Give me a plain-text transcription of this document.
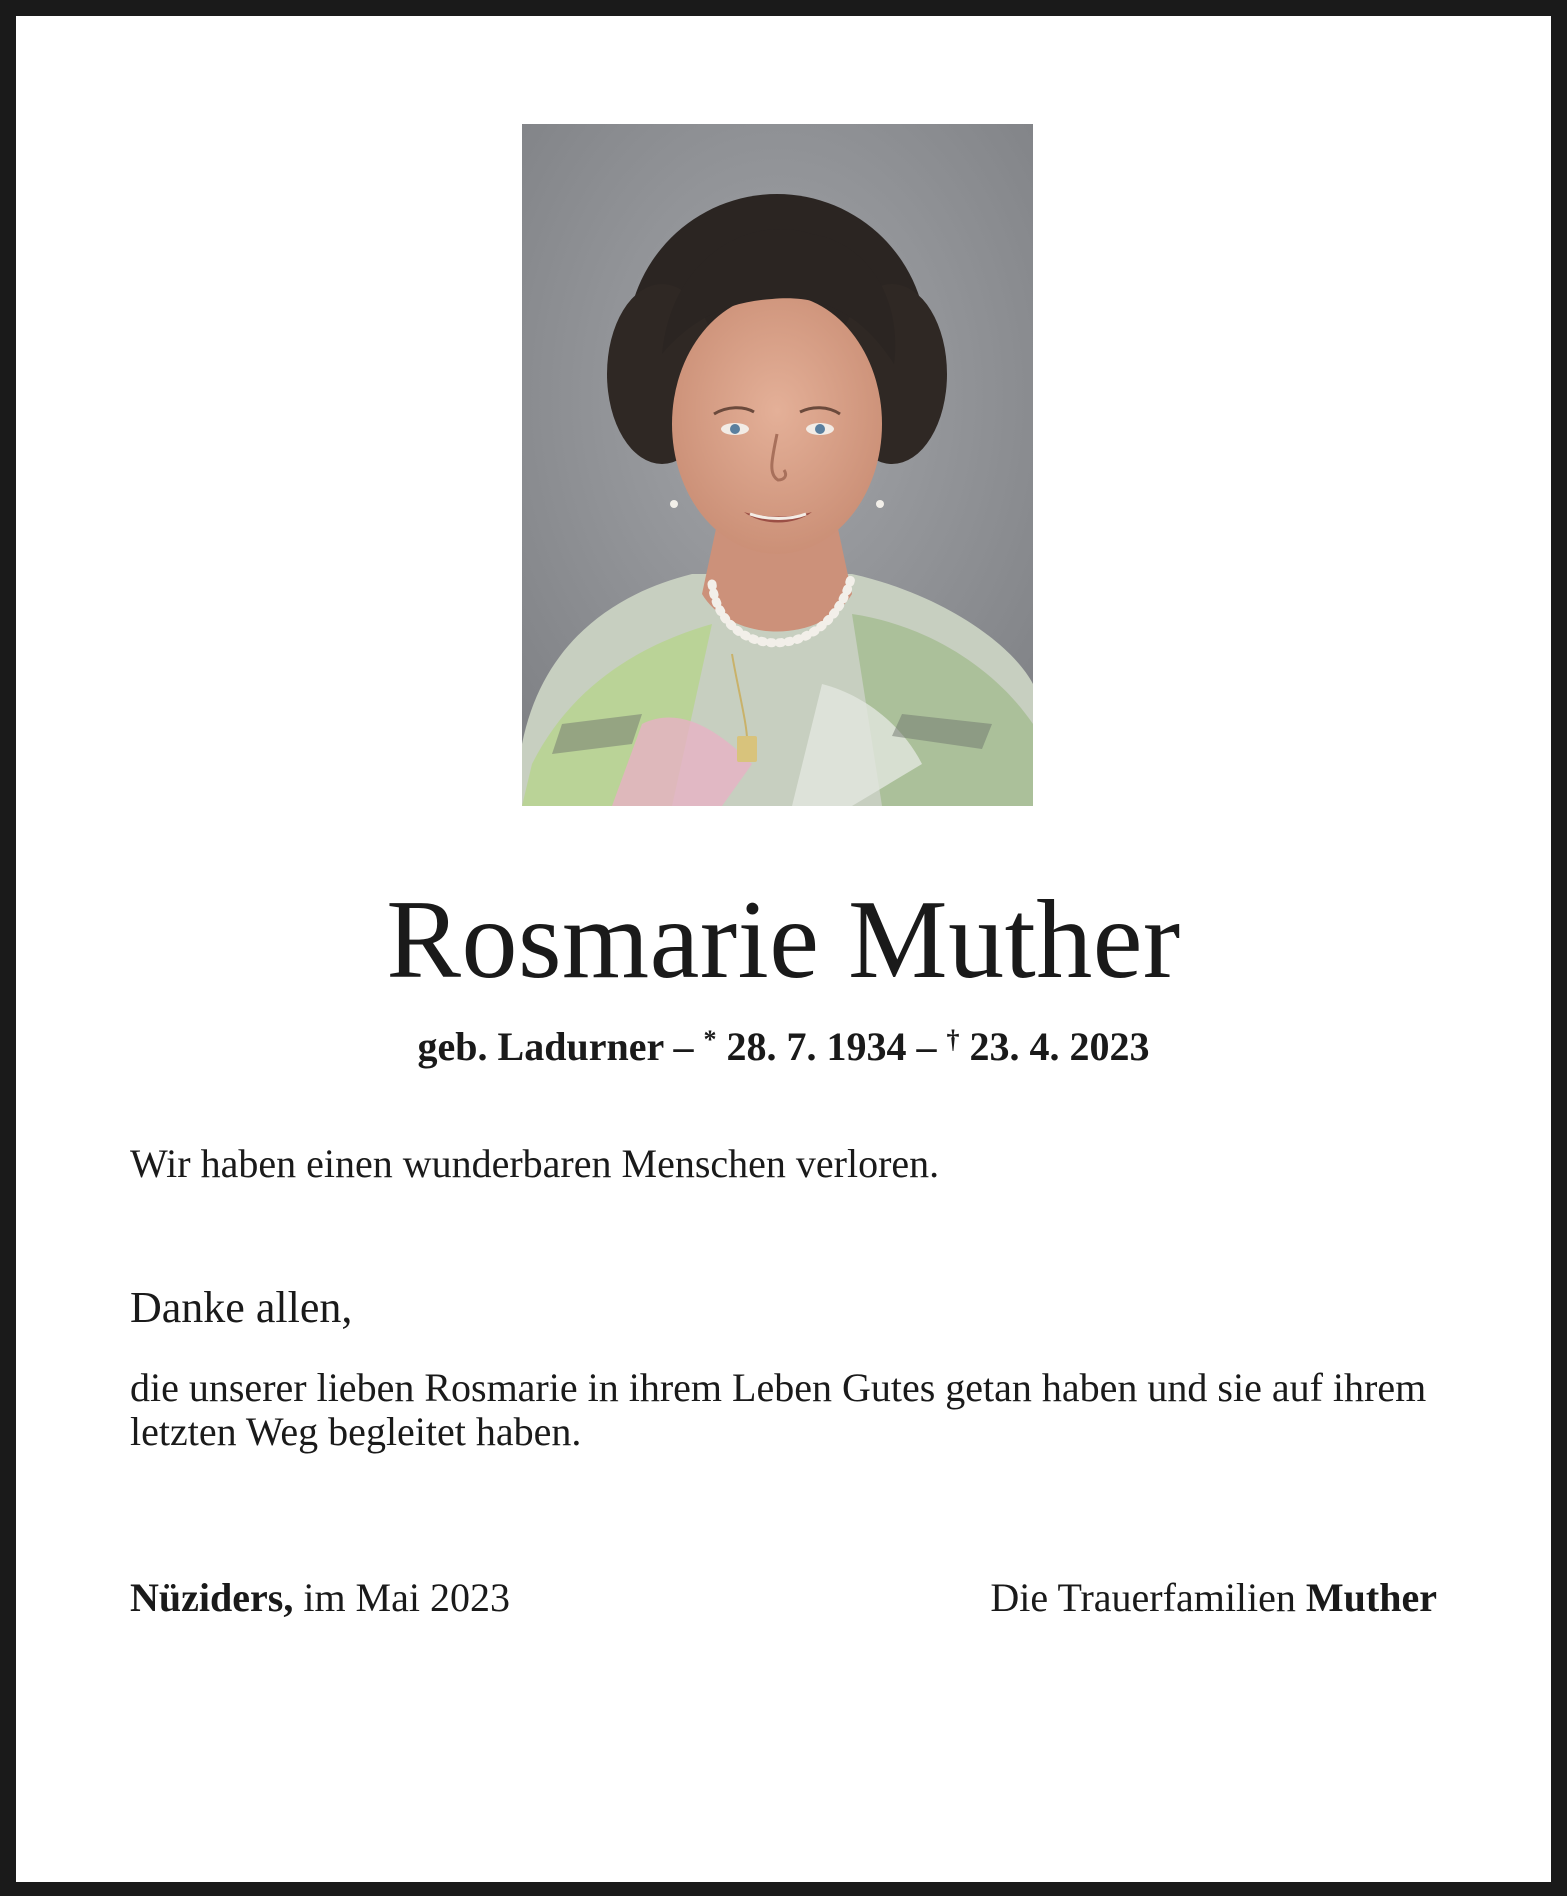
Rosmarie Muther
geb. Ladurner – * 28. 7. 1934 – † 23. 4. 2023
Wir haben einen wunderbaren Menschen verloren.
Danke allen,
die unserer lieben Rosmarie in ihrem Leben Gutes getan haben und sie auf ihrem letzten Weg begleitet haben.
Nüziders, im Mai 2023	Die Trauerfamilien Muther
